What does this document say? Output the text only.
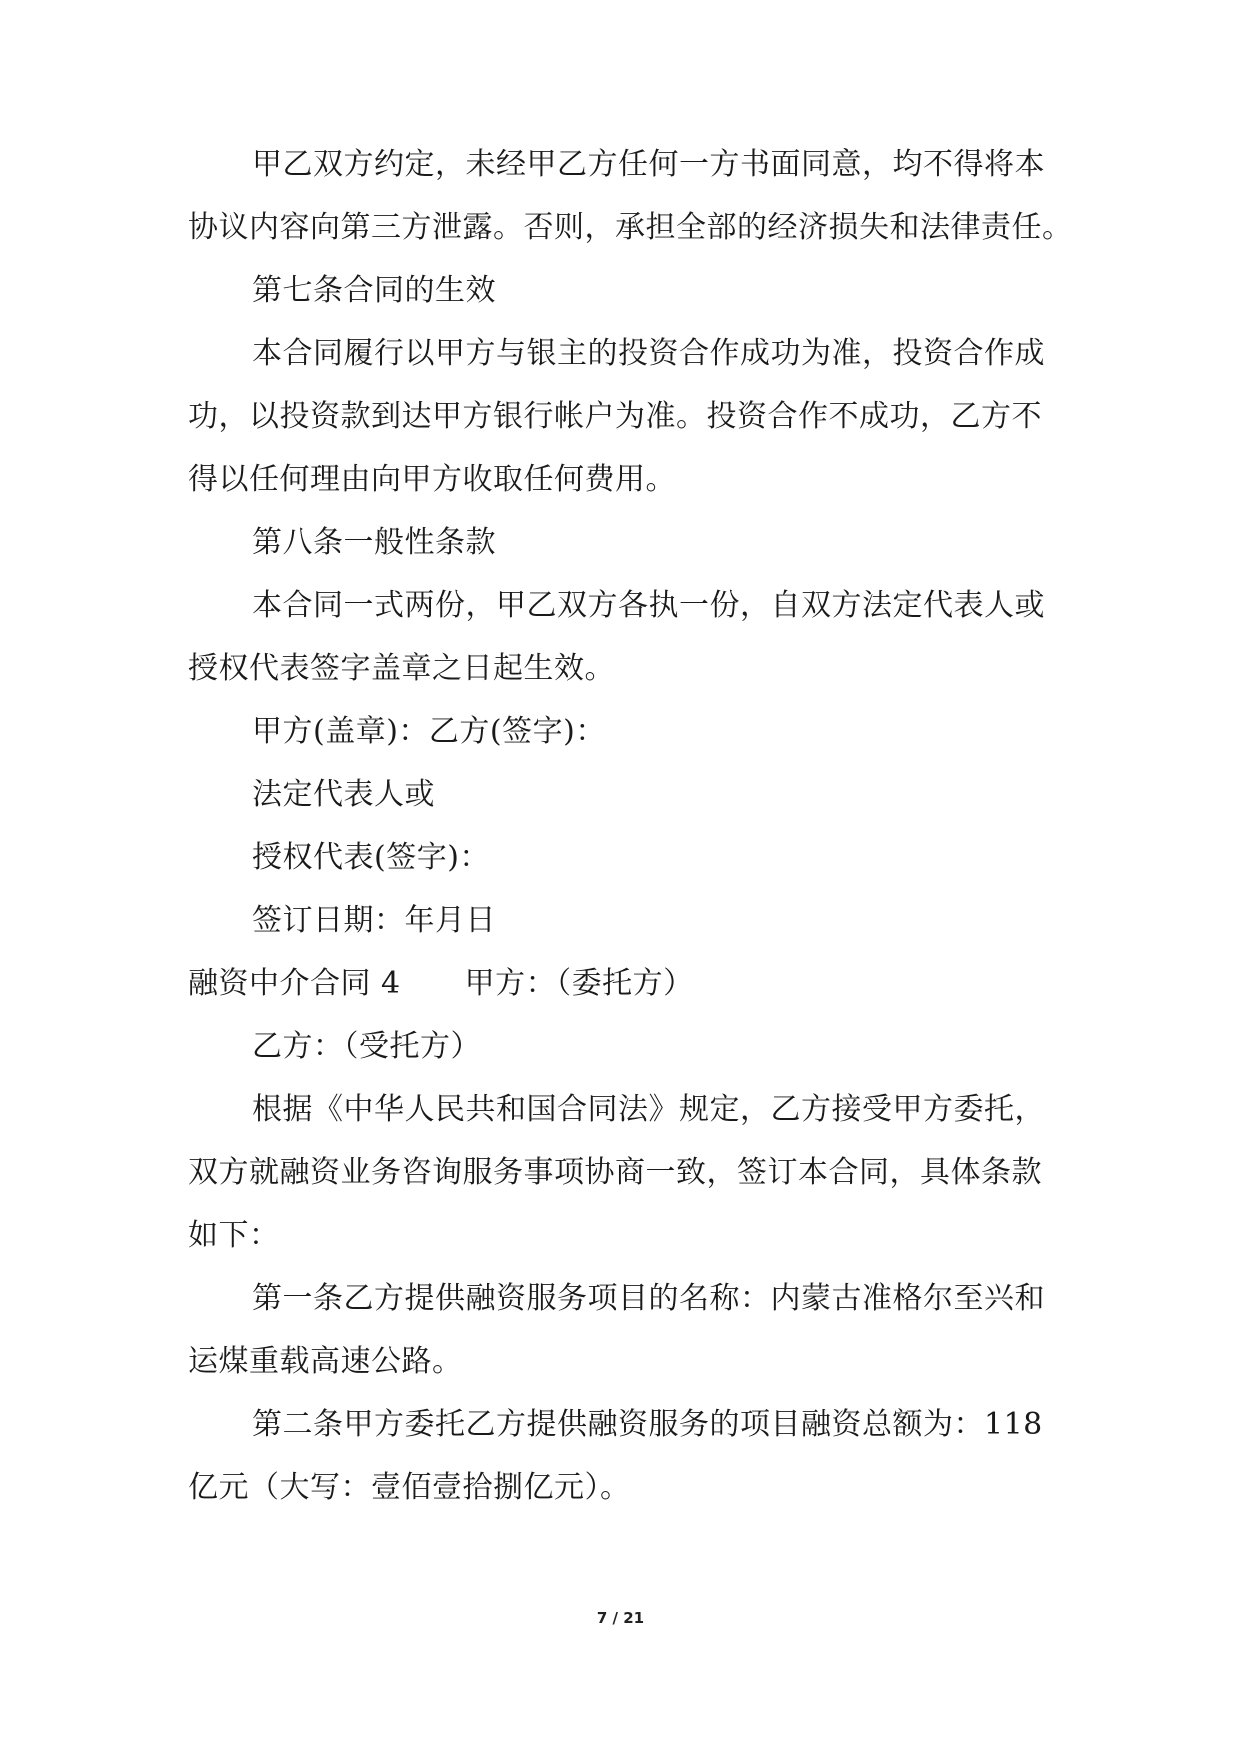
甲乙双方约定，未经甲乙方任何一方书面同意，均不得将本
协议内容向第三方泄露。否则，承担全部的经济损失和法律责任。
第七条合同的生效
本合同履行以甲方与银主的投资合作成功为准，投资合作成
功，以投资款到达甲方银行帐户为准。投资合作不成功，乙方不
得以任何理由向甲方收取任何费用。
第八条一般性条款
本合同一式两份，甲乙双方各执一份，自双方法定代表人或
授权代表签字盖章之日起生效。
甲方(盖章)：乙方(签字)：
法定代表人或
授权代表(签字)：
签订日期：年月日
融资中介合同 4 甲方：（委托方）
乙方：（受托方）
根据《中华人民共和国合同法》规定，乙方接受甲方委托，
双方就融资业务咨询服务事项协商一致，签订本合同，具体条款
如下：
第一条乙方提供融资服务项目的名称：内蒙古准格尔至兴和
运煤重载高速公路。
第二条甲方委托乙方提供融资服务的项目融资总额为：118
亿元（大写：壹佰壹拾捌亿元）。
7 / 21
